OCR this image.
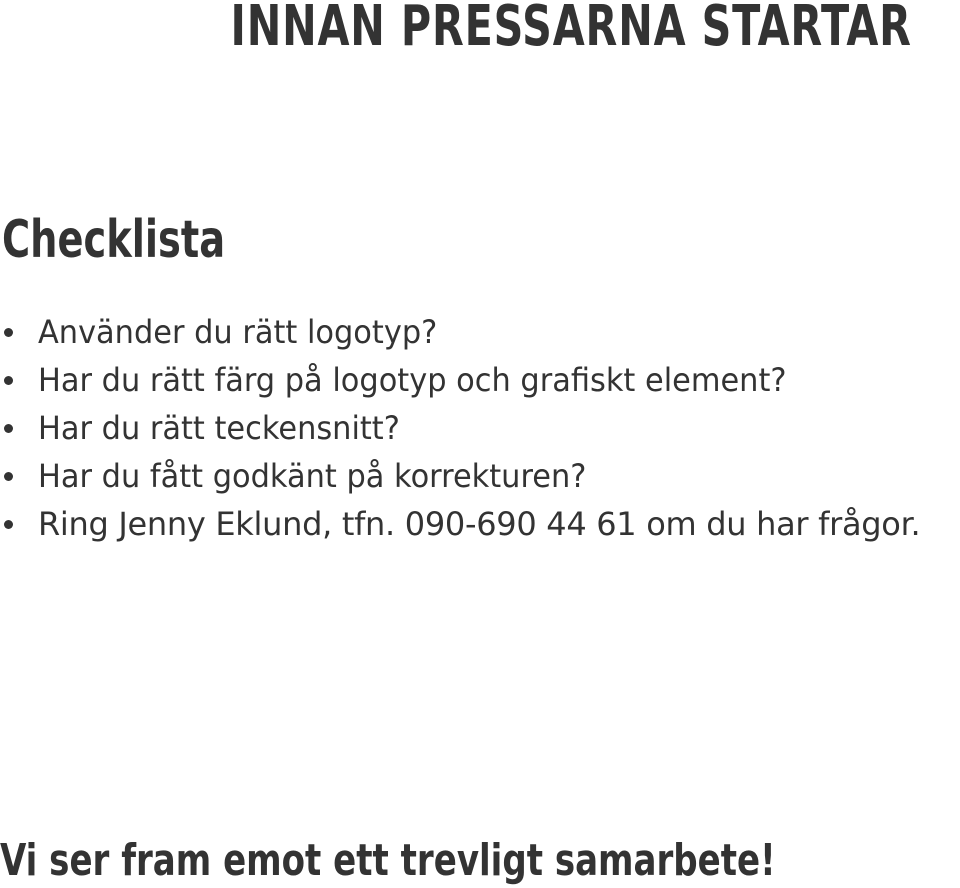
INNAN PRESSARNA STARTAR
Checklista
Använder du rätt logotyp?
Har du rätt färg på logotyp och grafiskt element?
Har du rätt teckensnitt?
Har du fått godkänt på korrekturen?
Ring Jenny Eklund, tfn. 090-690 44 61 om du har frågor.

Vi ser fram emot ett trevligt samarbete!
